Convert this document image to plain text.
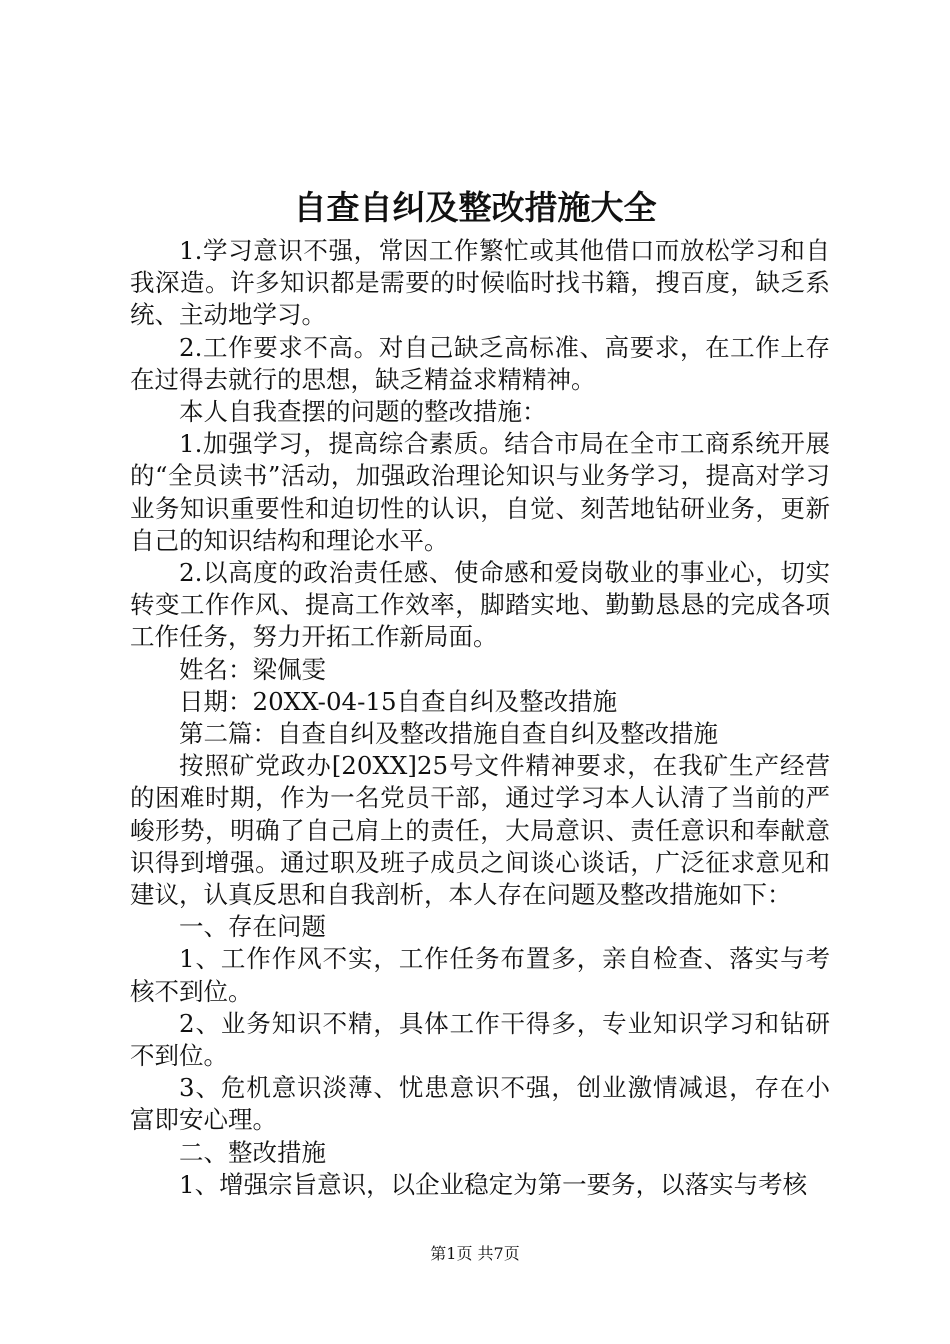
自查自纠及整改措施大全

1.学习意识不强，常因工作繁忙或其他借口而放松学习和自我深造。许多知识都是需要的时候临时找书籍，搜百度，缺乏系统、主动地学习。

2.工作要求不高。对自己缺乏高标准、高要求，在工作上存在过得去就行的思想，缺乏精益求精精神。

本人自我查摆的问题的整改措施：

1.加强学习，提高综合素质。结合市局在全市工商系统开展的“全员读书”活动，加强政治理论知识与业务学习，提高对学习业务知识重要性和迫切性的认识，自觉、刻苦地钻研业务，更新自己的知识结构和理论水平。

2.以高度的政治责任感、使命感和爱岗敬业的事业心，切实转变工作作风、提高工作效率，脚踏实地、勤勤恳恳的完成各项工作任务，努力开拓工作新局面。

姓名：梁佩雯

日期：20XX-04-15自查自纠及整改措施

第二篇：自查自纠及整改措施自查自纠及整改措施

按照矿党政办[20XX]25号文件精神要求，在我矿生产经营的困难时期，作为一名党员干部，通过学习本人认清了当前的严峻形势，明确了自己肩上的责任，大局意识、责任意识和奉献意识得到增强。通过职及班子成员之间谈心谈话，广泛征求意见和建议，认真反思和自我剖析，本人存在问题及整改措施如下：

一、存在问题

1、工作作风不实，工作任务布置多，亲自检查、落实与考核不到位。

2、业务知识不精，具体工作干得多，专业知识学习和钻研不到位。

3、危机意识淡薄、忧患意识不强，创业激情减退，存在小富即安心理。

二、整改措施

1、增强宗旨意识，以企业稳定为第一要务，以落实与考核

第1页 共7页
